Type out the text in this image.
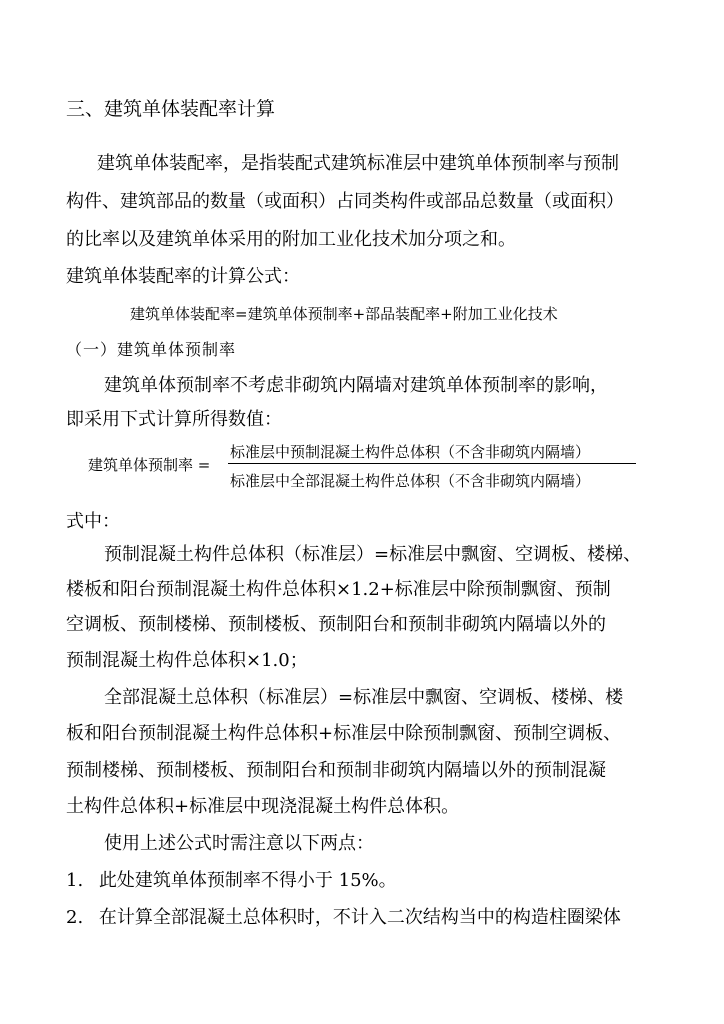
三、建筑单体装配率计算
建筑单体装配率，是指装配式建筑标准层中建筑单体预制率与预制
构件、建筑部品的数量（或面积）占同类构件或部品总数量（或面积）
的比率以及建筑单体采用的附加工业化技术加分项之和。
建筑单体装配率的计算公式：
建筑单体装配率=建筑单体预制率+部品装配率+附加工业化技术
（一）建筑单体预制率
建筑单体预制率不考虑非砌筑内隔墙对建筑单体预制率的影响，
即采用下式计算所得数值：
建筑单体预制率 =
标准层中预制混凝土构件总体积（不含非砌筑内隔墙）
标准层中全部混凝土构件总体积（不含非砌筑内隔墙）
式中：
预制混凝土构件总体积（标准层）=标准层中飘窗、空调板、楼梯、
楼板和阳台预制混凝土构件总体积×1.2+标准层中除预制飘窗、预制
空调板、预制楼梯、预制楼板、预制阳台和预制非砌筑内隔墙以外的
预制混凝土构件总体积×1.0；
全部混凝土总体积（标准层）=标准层中飘窗、空调板、楼梯、楼
板和阳台预制混凝土构件总体积+标准层中除预制飘窗、预制空调板、
预制楼梯、预制楼板、预制阳台和预制非砌筑内隔墙以外的预制混凝
土构件总体积+标准层中现浇混凝土构件总体积。
使用上述公式时需注意以下两点：
1. 此处建筑单体预制率不得小于 15%。
2. 在计算全部混凝土总体积时，不计入二次结构当中的构造柱圈梁体
